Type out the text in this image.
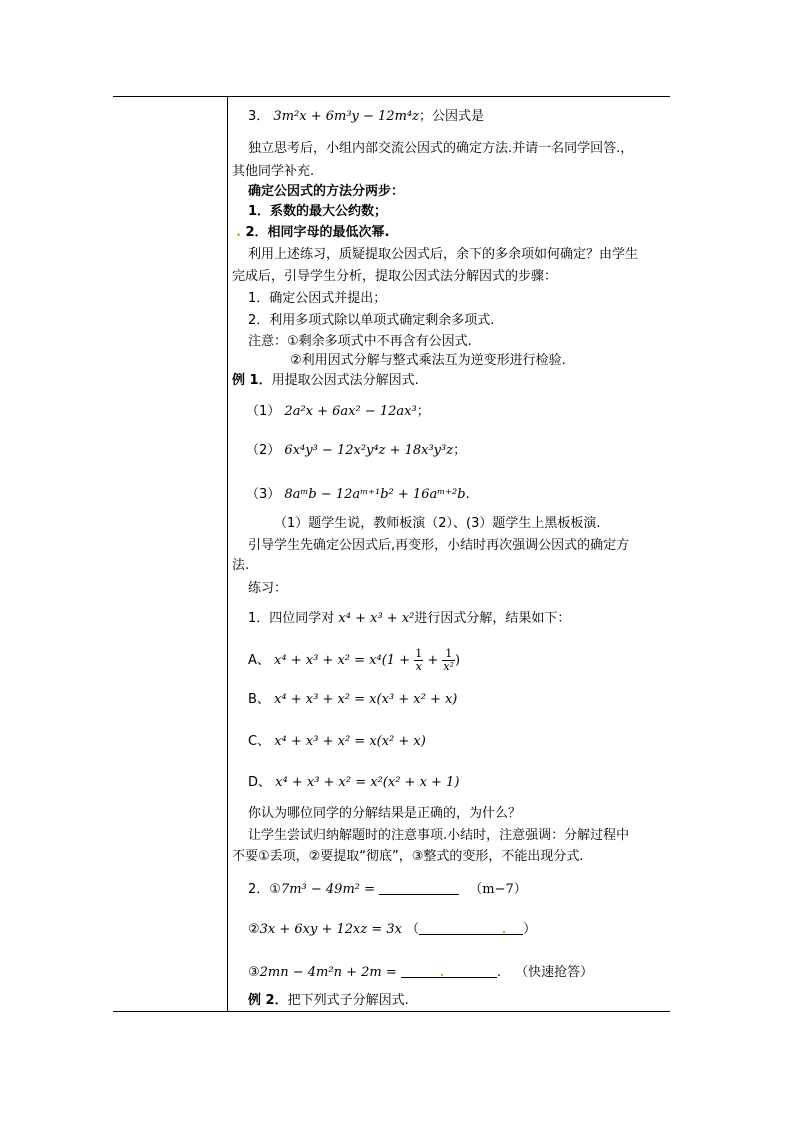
3． 3m²x + 6m³y − 12m⁴z；公因式是
独立思考后，小组内部交流公因式的确定方法.并请一名同学回答.，
其他同学补充.
确定公因式的方法分两步：
1．系数的最大公约数；
. 2．相同字母的最低次幂.
利用上述练习，质疑提取公因式后，余下的多余项如何确定？由学生
完成后，引导学生分析，提取公因式法分解因式的步骤：
1．确定公因式并提出；
2．利用多项式除以单项式确定剩余多项式.
注意：①剩余多项式中不再含有公因式.
②利用因式分解与整式乘法互为逆变形进行检验.
例 1．用提取公因式法分解因式.
（1） 2a²x + 6ax² − 12ax³；
（2） 6x⁴y³ − 12x²y⁴z + 18x³y³z；
（3） 8aᵐb − 12aᵐ⁺¹b² + 16aᵐ⁺²b.
（1）题学生说，教师板演（2）、(3）题学生上黑板板演.
引导学生先确定公因式后,再变形，小结时再次强调公因式的确定方
法.
练习：
1．四位同学对 x⁴ + x³ + x²进行因式分解，结果如下：
A、 $x^4 + x^3 + x^2 = x^4(1 + \frac{1}{x} + \frac{1}{\text{x²}}$ )
B、 x⁴ + x³ + x² = x(x³ + x² + x)
C、 x⁴ + x³ + x² = x(x² + x)
D、 x⁴ + x³ + x² = x²(x² + x + 1)
你认为哪位同学的分解结果是正确的，为什么？
让学生尝试归纳解题时的注意事项.小结时，注意强调：分解过程中
不要①丢项，②要提取“彻底”，③整式的变形，不能出现分式.
2．①7m³ − 49m² =	（m−7）
②3x + 6xy + 12xz = 3x （	）
③2mn − 4m²n + 2m =	. （快速抢答）
例 2．把下列式子分解因式.
